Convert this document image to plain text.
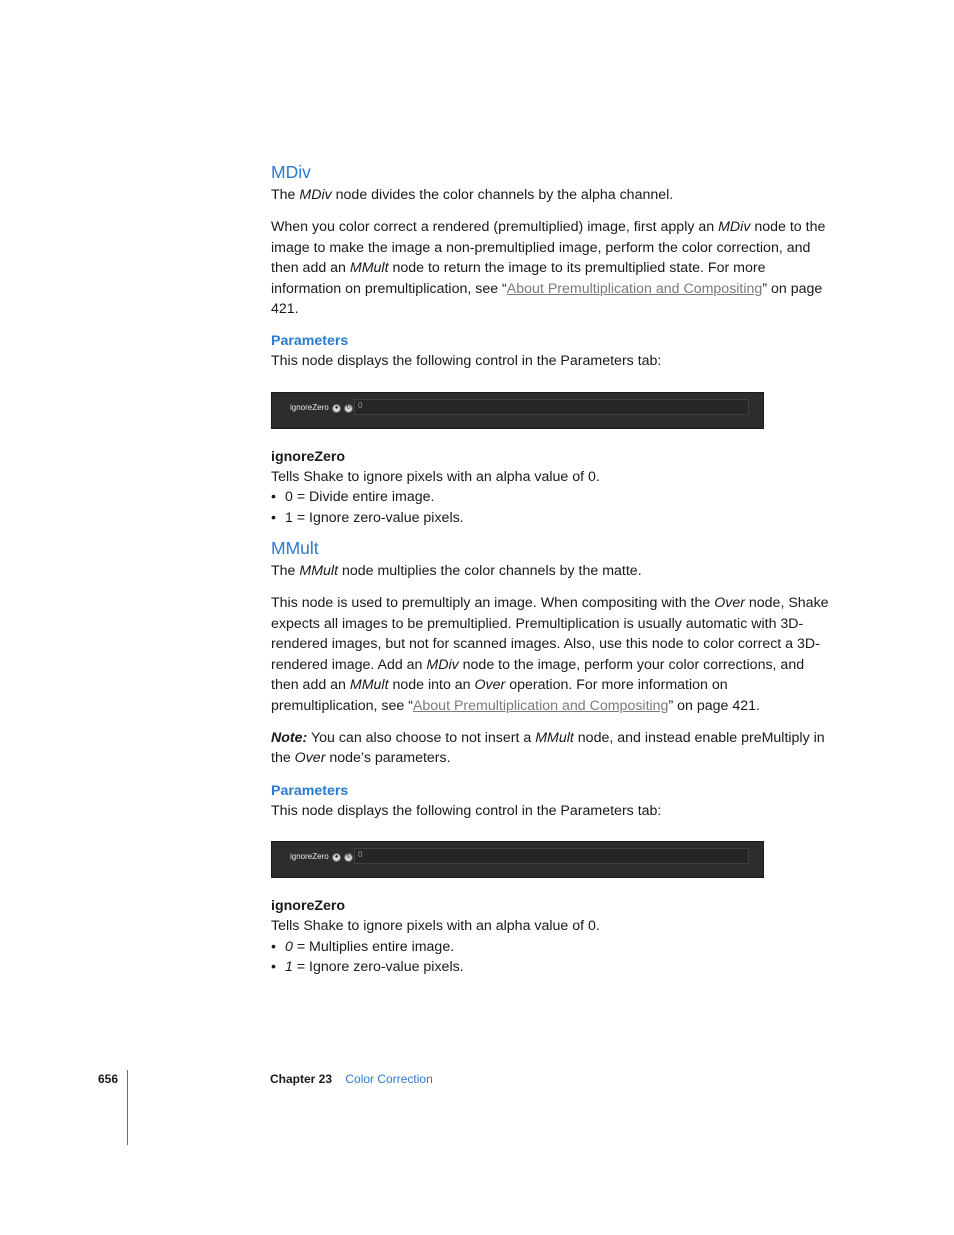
MDiv

The MDiv node divides the color channels by the alpha channel.

When you color correct a rendered (premultiplied) image, first apply an MDiv node to the image to make the image a non-premultiplied image, perform the color correction, and then add an MMult node to return the image to its premultiplied state. For more information on premultiplication, see “About Premultiplication and Compositing” on page 421.

Parameters

This node displays the following control in the Parameters tab:

ignoreZero	●	↻ 0

ignoreZero

Tells Shake to ignore pixels with an alpha value of 0.

• 0 = Divide entire image.
• 1 = Ignore zero-value pixels.
MMult

The MMult node multiplies the color channels by the matte.

This node is used to premultiply an image. When compositing with the Over node, Shake expects all images to be premultiplied. Premultiplication is usually automatic with 3D-rendered images, but not for scanned images. Also, use this node to color correct a 3D-rendered image. Add an MDiv node to the image, perform your color corrections, and then add an MMult node into an Over operation. For more information on premultiplication, see “About Premultiplication and Compositing” on page 421.

Note: You can also choose to not insert a MMult node, and instead enable preMultiply in the Over node’s parameters.

Parameters

This node displays the following control in the Parameters tab:

ignoreZero	●	↻ 0

ignoreZero

Tells Shake to ignore pixels with an alpha value of 0.

• 0 = Multiplies entire image.
• 1 = Ignore zero-value pixels.
656	Chapter 23 Color Correction
